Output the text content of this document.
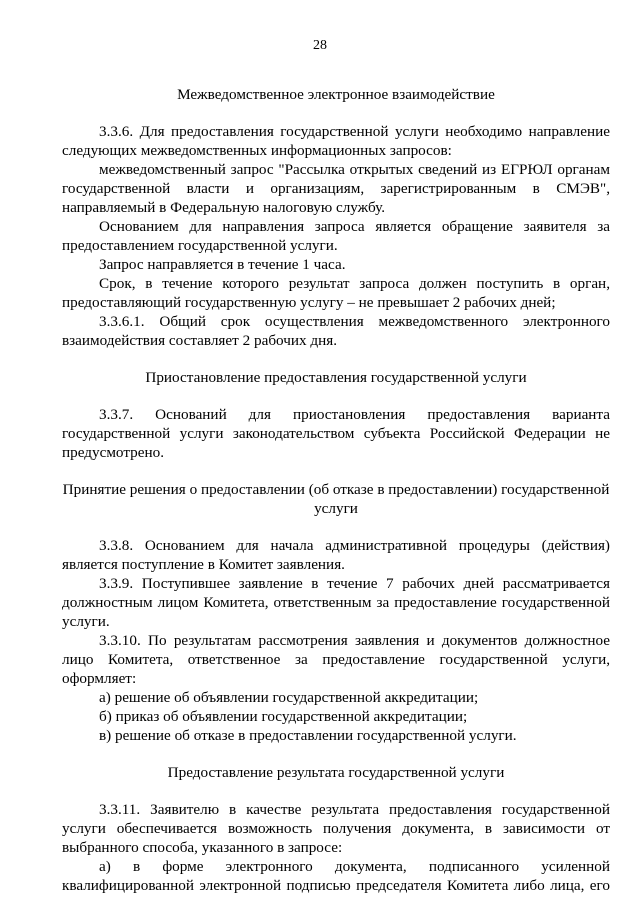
28

Межведомственное электронное взаимодействие

3.3.6. Для предоставления государственной услуги необходимо направление следующих межведомственных информационных запросов:

межведомственный запрос "Рассылка открытых сведений из ЕГРЮЛ органам государственной власти и организациям, зарегистрированным в СМЭВ", направляемый в Федеральную налоговую службу.

Основанием для направления запроса является обращение заявителя за предоставлением государственной услуги.

Запрос направляется в течение 1 часа.

Срок, в течение которого результат запроса должен поступить в орган, предоставляющий государственную услугу – не превышает 2 рабочих дней;

3.3.6.1. Общий срок осуществления межведомственного электронного взаимодействия составляет 2 рабочих дня.

Приостановление предоставления государственной услуги

3.3.7. Оснований для приостановления предоставления варианта государственной услуги законодательством субъекта Российской Федерации не предусмотрено.

Принятие решения о предоставлении (об отказе в предоставлении) государственной услуги

3.3.8. Основанием для начала административной процедуры (действия) является поступление в Комитет заявления.

3.3.9. Поступившее заявление в течение 7 рабочих дней рассматривается должностным лицом Комитета, ответственным за предоставление государственной услуги.

3.3.10. По результатам рассмотрения заявления и документов должностное лицо Комитета, ответственное за предоставление государственной услуги, оформляет:

а) решение об объявлении государственной аккредитации;

б) приказ об объявлении государственной аккредитации;

в) решение об отказе в предоставлении государственной услуги.

Предоставление результата государственной услуги

3.3.11. Заявителю в качестве результата предоставления государственной услуги обеспечивается возможность получения документа, в зависимости от выбранного способа, указанного в запросе:

а) в форме электронного документа, подписанного усиленной квалифицированной электронной подписью председателя Комитета либо лица, его
